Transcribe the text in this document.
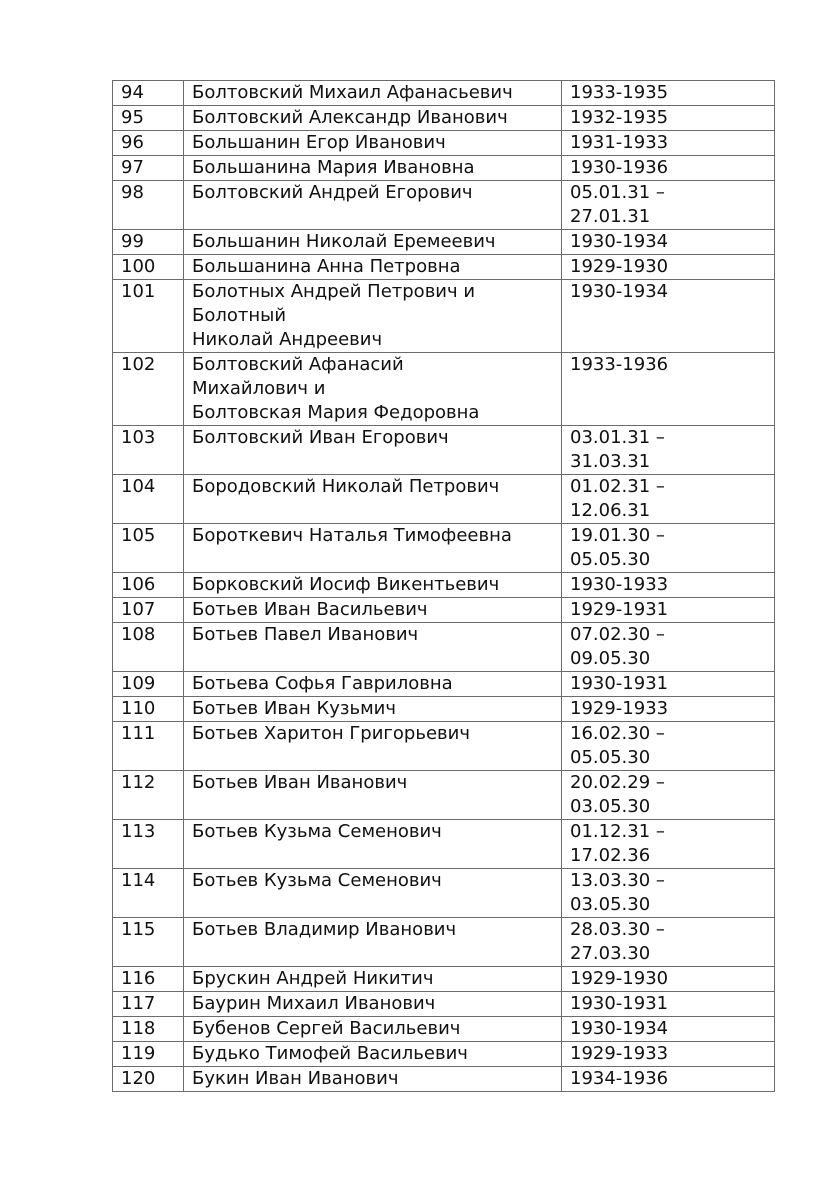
94	Болтовский Михаил Афанасьевич	1933-1935
95	Болтовский Александр Иванович	1932-1935
96	Большанин Егор Иванович	1931-1933
97	Большанина Мария Ивановна	1930-1936
98	Болтовский Андрей Егорович	05.01.31 –
27.01.31
99	Большанин Николай Еремеевич	1930-1934
100	Большанина Анна Петровна	1929-1930
101	Болотных Андрей Петрович и
Болотный
Николай Андреевич	1930-1934
102	Болтовский Афанасий
Михайлович и
Болтовская Мария Федоровна	1933-1936
103	Болтовский Иван Егорович	03.01.31 –
31.03.31
104	Бородовский Николай Петрович	01.02.31 –
12.06.31
105	Бороткевич Наталья Тимофеевна	19.01.30 –
05.05.30
106	Борковский Иосиф Викентьевич	1930-1933
107	Ботьев Иван Васильевич	1929-1931
108	Ботьев Павел Иванович	07.02.30 –
09.05.30
109	Ботьева Софья Гавриловна	1930-1931
110	Ботьев Иван Кузьмич	1929-1933
111	Ботьев Харитон Григорьевич	16.02.30 –
05.05.30
112	Ботьев Иван Иванович	20.02.29 –
03.05.30
113	Ботьев Кузьма Семенович	01.12.31 –
17.02.36
114	Ботьев Кузьма Семенович	13.03.30 –
03.05.30
115	Ботьев Владимир Иванович	28.03.30 –
27.03.30
116	Брускин Андрей Никитич	1929-1930
117	Баурин Михаил Иванович	1930-1931
118	Бубенов Сергей Васильевич	1930-1934
119	Будько Тимофей Васильевич	1929-1933
120	Букин Иван Иванович	1934-1936
